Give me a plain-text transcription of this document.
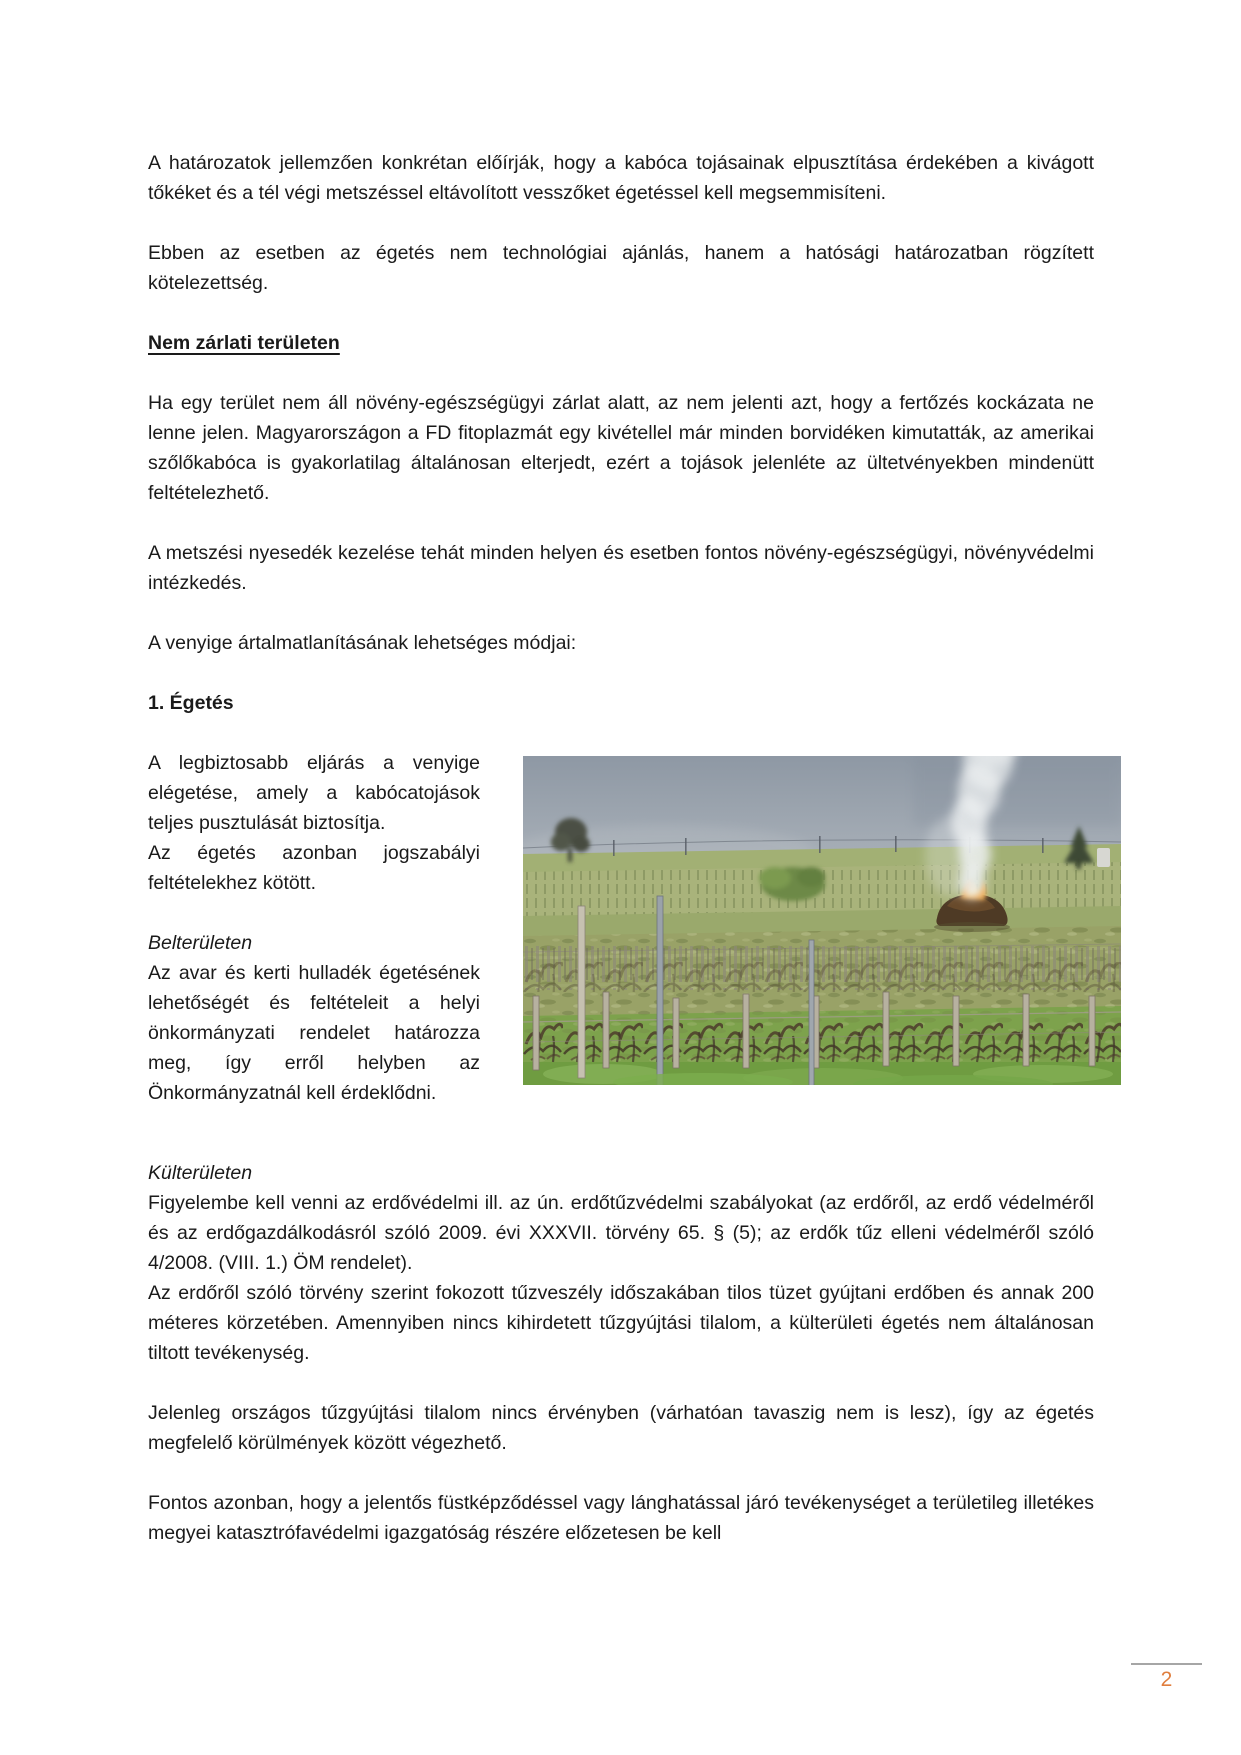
A határozatok jellemzően konkrétan előírják, hogy a kabóca tojásainak elpusztítása érdekében a kivágott tőkéket és a tél végi metszéssel eltávolított vesszőket égetéssel kell megsemmisíteni.

Ebben az esetben az égetés nem technológiai ajánlás, hanem a hatósági határozatban rögzített kötelezettség.

Nem zárlati területen

Ha egy terület nem áll növény-egészségügyi zárlat alatt, az nem jelenti azt, hogy a fertőzés kockázata ne lenne jelen. Magyarországon a FD fitoplazmát egy kivétellel már minden borvidéken kimutatták, az amerikai szőlőkabóca is gyakorlatilag általánosan elterjedt, ezért a tojások jelenléte az ültetvényekben mindenütt feltételezhető.

A metszési nyesedék kezelése tehát minden helyen és esetben fontos növény-egészségügyi, növényvédelmi intézkedés.

A venyige ártalmatlanításának lehetséges módjai:

1. Égetés

A legbiztosabb eljárás a venyige elégetése, amely a kabócatojások teljes pusztulását biztosítja.

Az égetés azonban jogszabályi feltételekhez kötött.

Belterületen

Az avar és kerti hulladék égetésének lehetőségét és feltételeit a helyi önkormányzati rendelet határozza meg, így erről helyben az Önkormányzatnál kell érdeklődni.

Külterületen

Figyelembe kell venni az erdővédelmi ill. az ún. erdőtűzvédelmi szabályokat (az erdőről, az erdő védelméről és az erdőgazdálkodásról szóló 2009. évi XXXVII. törvény 65. § (5); az erdők tűz elleni védelméről szóló 4/2008. (VIII. 1.) ÖM rendelet).

Az erdőről szóló törvény szerint fokozott tűzveszély időszakában tilos tüzet gyújtani erdőben és annak 200 méteres körzetében. Amennyiben nincs kihirdetett tűzgyújtási tilalom, a külterületi égetés nem általánosan tiltott tevékenység.

Jelenleg országos tűzgyújtási tilalom nincs érvényben (várhatóan tavaszig nem is lesz), így az égetés megfelelő körülmények között végezhető.

Fontos azonban, hogy a jelentős füstképződéssel vagy lánghatással járó tevékenységet a területileg illetékes megyei katasztrófavédelmi igazgatóság részére előzetesen be kell

2
